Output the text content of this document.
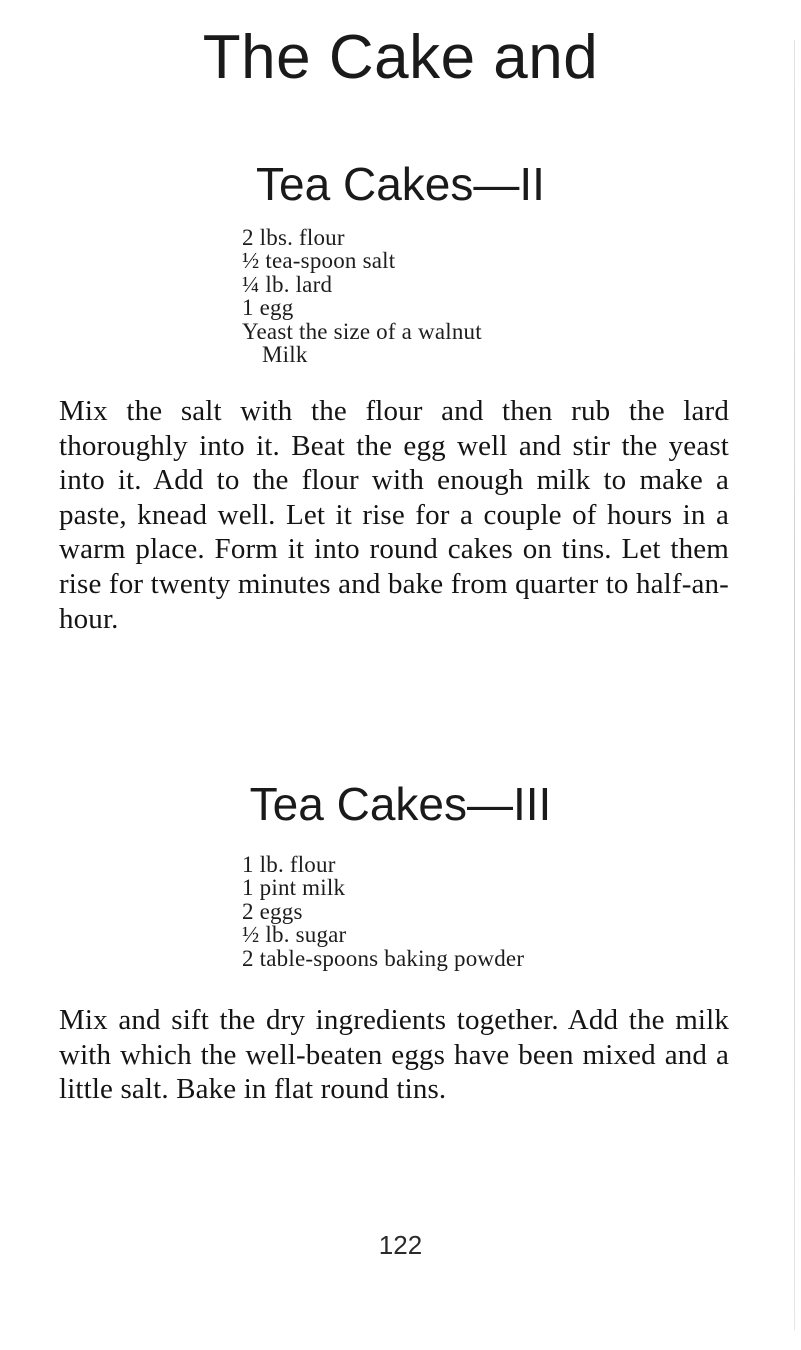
The Cake and
Tea Cakes—II
2 lbs. flour
½ tea-spoon salt
¼ lb. lard
1 egg
Yeast the size of a walnut
Milk

Mix the salt with the flour and then rub the lard thoroughly into it. Beat the egg well and stir the yeast into it. Add to the flour with enough milk to make a paste, knead well. Let it rise for a couple of hours in a warm place. Form it into round cakes on tins. Let them rise for twenty minutes and bake from quarter to half-an-hour.

Tea Cakes—III
1 lb. flour
1 pint milk
2 eggs
½ lb. sugar
2 table-spoons baking powder

Mix and sift the dry ingredients together. Add the milk with which the well-beaten eggs have been mixed and a little salt. Bake in flat round tins.

122
